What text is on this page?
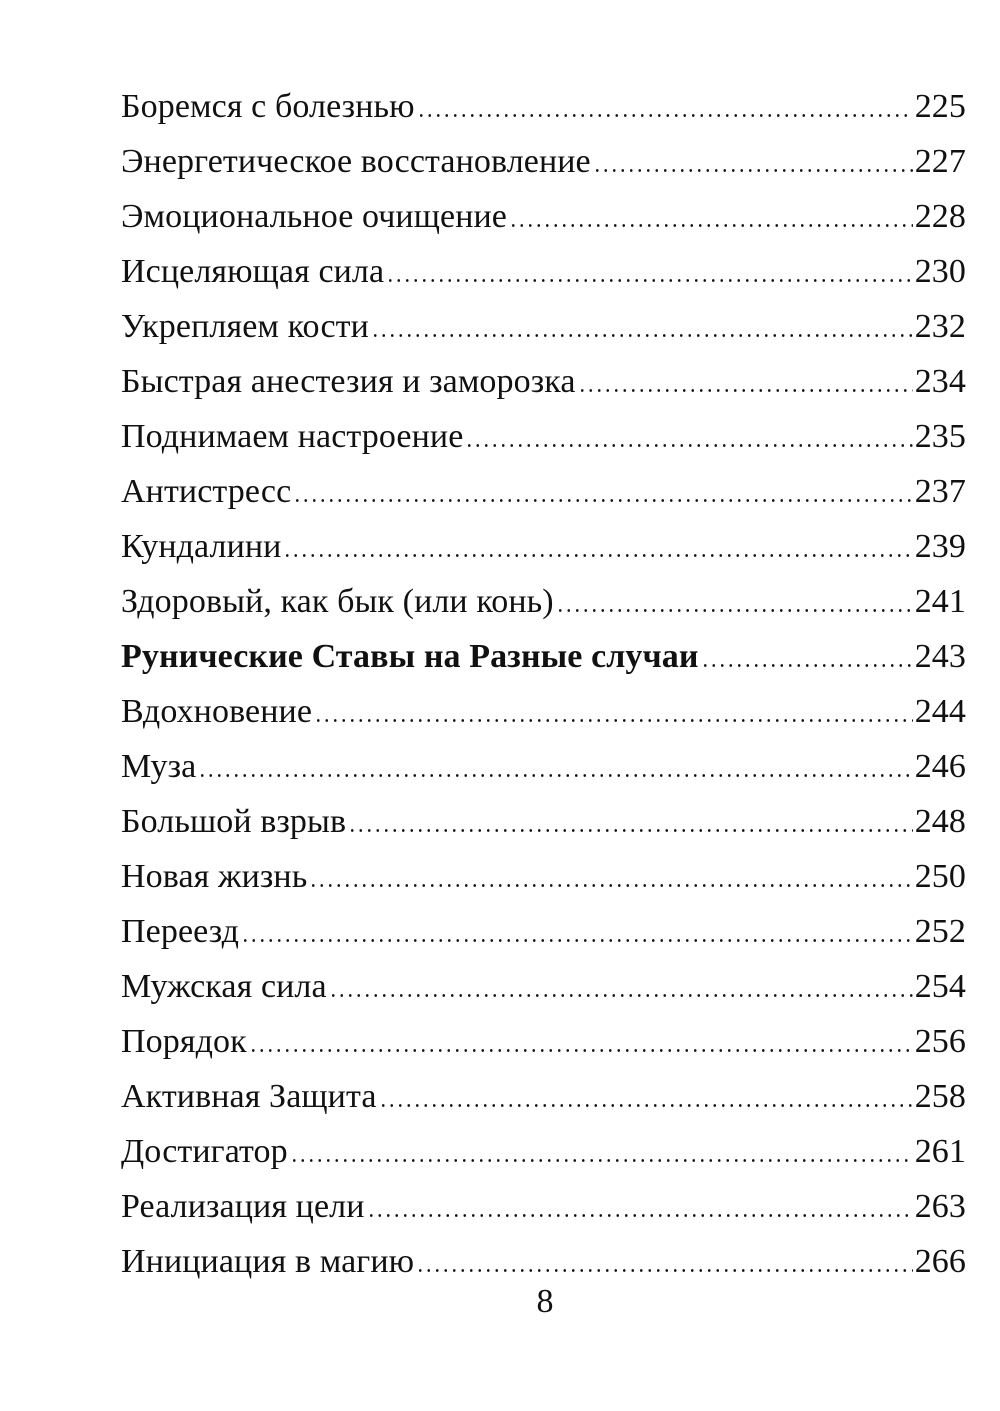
Боремся с болезнью	225
Энергетическое восстановление	227
Эмоциональное очищение	228
Исцеляющая сила	230
Укрепляем кости	232
Быстрая анестезия и заморозка	234
Поднимаем настроение	235
Антистресс	237
Кундалини	239
Здоровый, как бык (или конь)	241
Рунические Ставы на Разные случаи	243
Вдохновение	244
Муза	246
Большой взрыв	248
Новая жизнь	250
Переезд	252
Мужская сила	254
Порядок	256
Активная Защита	258
Достигатор	261
Реализация цели	263
Инициация в магию	266
8
